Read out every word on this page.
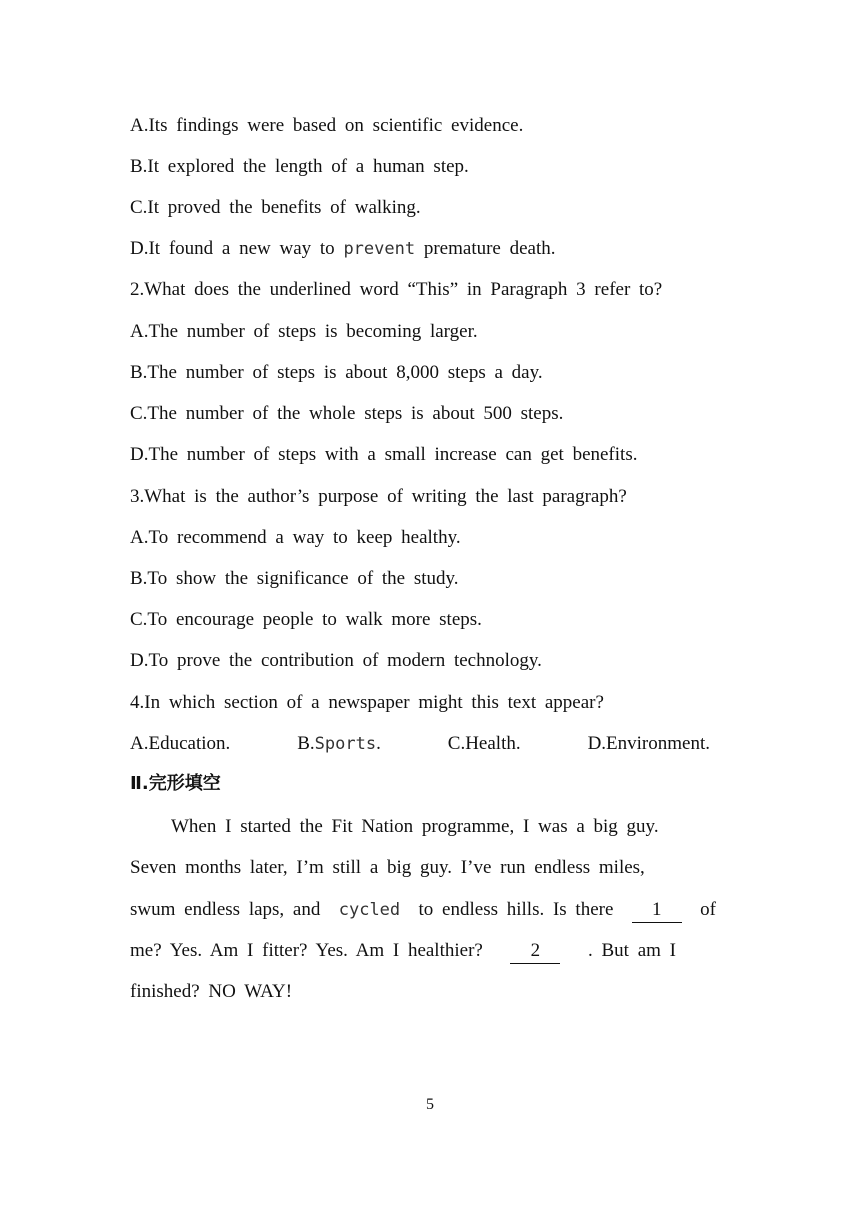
A.Its findings were based on scientific evidence.
B.It explored the length of a human step.
C.It proved the benefits of walking.
D.It found a new way to prevent premature death.
2.What does the underlined word “This” in Paragraph 3 refer to?
A.The number of steps is becoming larger.
B.The number of steps is about 8,000 steps a day.
C.The number of the whole steps is about 500 steps.
D.The number of steps with a small increase can get benefits.
3.What is the author’s purpose of writing the last paragraph?
A.To recommend a way to keep healthy.
B.To show the significance of the study.
C.To encourage people to walk more steps.
D.To prove the contribution of modern technology.
4.In which section of a newspaper might this text appear?
A.Education.	B.Sports.	C.Health.	D.Environment.
Ⅱ.完形填空
When I started the Fit Nation programme, I was a big guy.
Seven months later, I’m still a big guy. I’ve run endless miles,
swum endless laps, and cycled to endless hills. Is there	1	of
me? Yes. Am I fitter? Yes. Am I healthier?	2	. But am I
finished? NO WAY!
5
